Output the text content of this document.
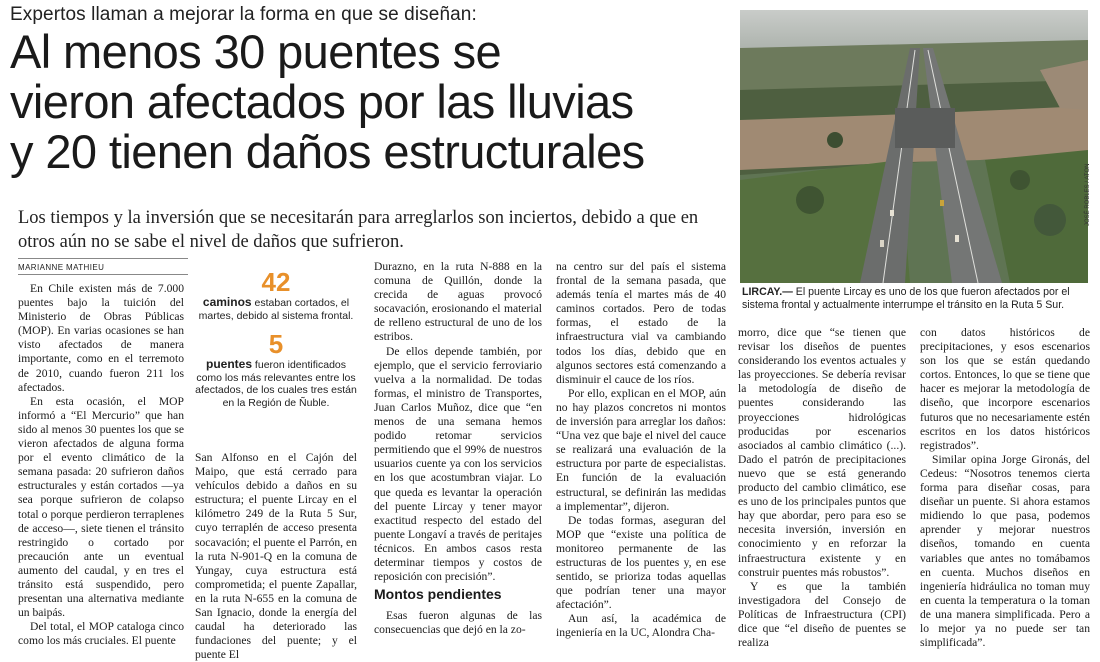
Expertos llaman a mejorar la forma en que se diseñan:
Al menos 30 puentes se
vieron afectados por las lluvias
y 20 tienen daños estructurales
Los tiempos y la inversión que se necesitarán para arreglarlos son inciertos, debido a que en otros aún no se sabe el nivel de daños que sufrieron.
MARIANNE MATHIEU
JOSÉ ROBLES / ATON
LIRCAY.— El puente Lircay es uno de los que fueron afectados por el sistema frontal y actualmente interrumpe el tránsito en la Ruta 5 Sur.
42
caminos estaban cortados, el martes, debido al sistema frontal.
5
puentes fueron identificados como los más relevantes entre los afectados, de los cuales tres están en la Región de Ñuble.

En Chile existen más de 7.000 puentes bajo la tuición del Ministerio de Obras Públicas (MOP). En varias ocasiones se han visto afectados de manera importante, como en el terremoto de 2010, cuando fueron 211 los afectados.

En esta ocasión, el MOP informó a “El Mercurio” que han sido al menos 30 puentes los que se vieron afectados de alguna forma por el evento climático de la semana pasada: 20 sufrieron daños estructurales y están cortados —ya sea porque sufrieron de colapso total o porque perdieron terraplenes de acceso—, siete tienen el tránsito restringido o cortado por precaución ante un eventual aumento del caudal, y en tres el tránsito está suspendido, pero presentan una alternativa mediante un baipás.

Del total, el MOP cataloga cinco como los más cruciales. El puente

San Alfonso en el Cajón del Maipo, que está cerrado para vehículos debido a daños en su estructura; el puente Lircay en el kilómetro 249 de la Ruta 5 Sur, cuyo terraplén de acceso presenta socavación; el puente el Parrón, en la ruta N-901-Q en la comuna de Yungay, cuya estructura está comprometida; el puente Zapallar, en la ruta N-655 en la comuna de San Ignacio, donde la energía del caudal ha deteriorado las fundaciones del puente; y el puente El

Durazno, en la ruta N-888 en la comuna de Quillón, donde la crecida de aguas provocó socavación, erosionando el material de relleno estructural de uno de los estribos.

De ellos depende también, por ejemplo, que el servicio ferroviario vuelva a la normalidad. De todas formas, el ministro de Transportes, Juan Carlos Muñoz, dice que “en menos de una semana hemos podido retomar servicios permitiendo que el 99% de nuestros usuarios cuente ya con los servicios en los que acostumbran viajar. Lo que queda es levantar la operación del puente Lircay y tener mayor exactitud respecto del estado del puente Longaví a través de peritajes técnicos. En ambos casos resta determinar tiempos y costos de reposición con precisión”.

Montos pendientes

Esas fueron algunas de las consecuencias que dejó en la zo-

na centro sur del país el sistema frontal de la semana pasada, que además tenía el martes más de 40 caminos cortados. Pero de todas formas, el estado de la infraestructura vial va cambiando todos los días, debido que en algunos sectores está comenzando a disminuir el cauce de los ríos.

Por ello, explican en el MOP, aún no hay plazos concretos ni montos de inversión para arreglar los daños: “Una vez que baje el nivel del cauce se realizará una evaluación de la estructura por parte de especialistas. En función de la evaluación estructural, se definirán las medidas a implementar”, dijeron.

De todas formas, aseguran del MOP que “existe una política de monitoreo permanente de las estructuras de los puentes y, en ese sentido, se prioriza todas aquellas que podrían tener una mayor afectación”.

Aun así, la académica de ingeniería en la UC, Alondra Cha-

morro, dice que “se tienen que revisar los diseños de puentes considerando los eventos actuales y las proyecciones. Se debería revisar la metodología de diseño de puentes considerando las proyecciones hidrológicas producidas por escenarios asociados al cambio climático (...). Dado el patrón de precipitaciones nuevo que se está generando producto del cambio climático, ese es uno de los principales puntos que hay que abordar, pero para eso se necesita inversión, inversión en conocimiento y en reforzar la infraestructura existente y en construir puentes más robustos”.

Y es que la también investigadora del Consejo de Políticas de Infraestructura (CPI) dice que “el diseño de puentes se realiza

con datos históricos de precipitaciones, y esos escenarios son los que se están quedando cortos. Entonces, lo que se tiene que hacer es mejorar la metodología de diseño, que incorpore escenarios futuros que no necesariamente estén escritos en los datos históricos registrados”.

Similar opina Jorge Gironás, del Cedeus: “Nosotros tenemos cierta forma para diseñar cosas, para diseñar un puente. Si ahora estamos midiendo lo que pasa, podemos aprender y mejorar nuestros diseños, tomando en cuenta variables que antes no tomábamos en cuenta. Muchos diseños en ingeniería hidráulica no toman muy en cuenta la temperatura o la toman de una manera simplificada. Pero a lo mejor ya no puede ser tan simplificada”.
